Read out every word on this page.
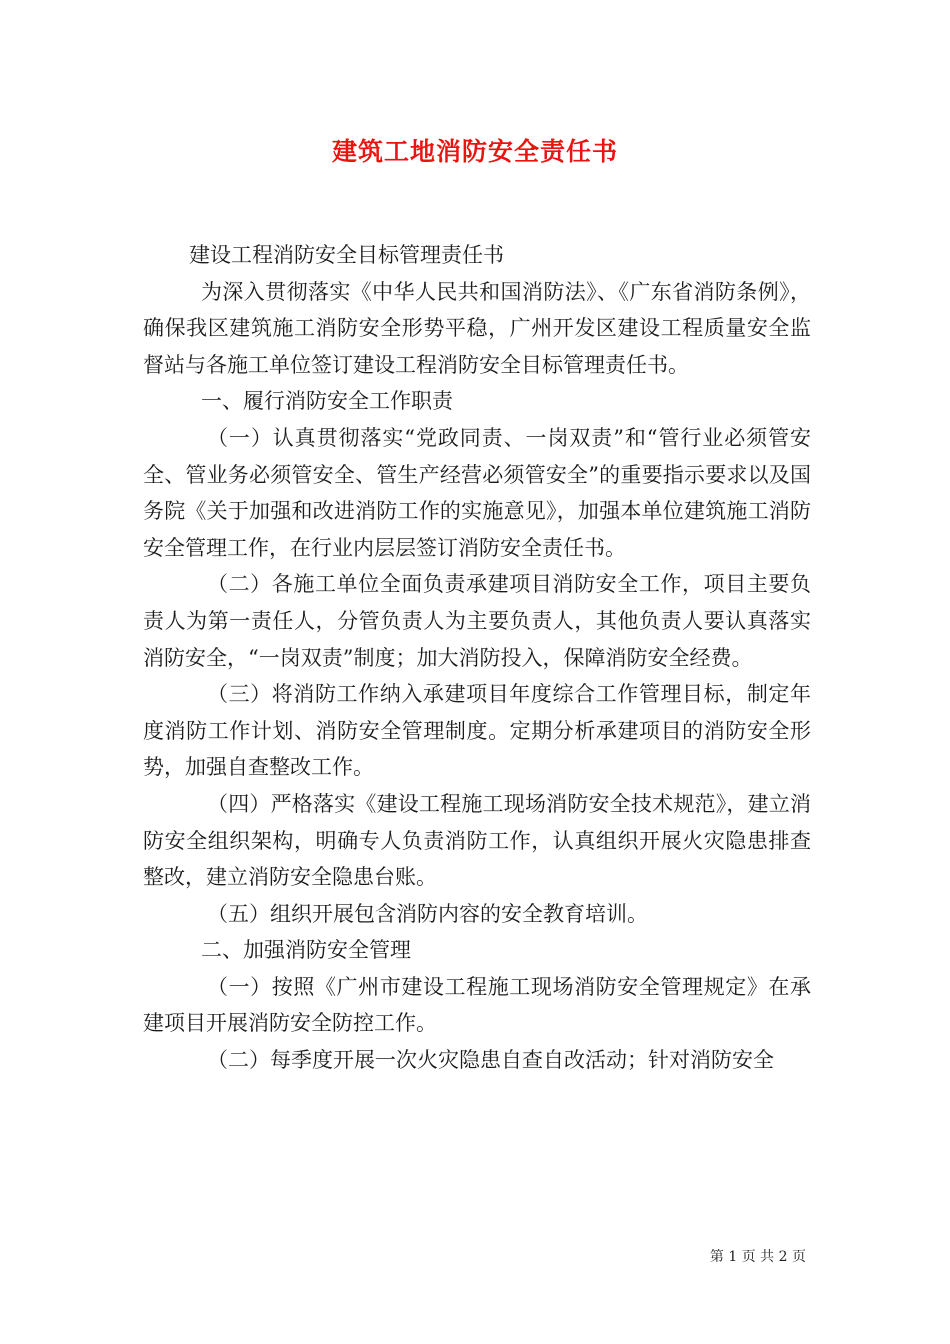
建筑工地消防安全责任书

建设工程消防安全目标管理责任书

为深入贯彻落实《中华人民共和国消防法》、《广东省消防条例》，确保我区建筑施工消防安全形势平稳，广州开发区建设工程质量安全监督站与各施工单位签订建设工程消防安全目标管理责任书。

一、履行消防安全工作职责

（一）认真贯彻落实“党政同责、一岗双责”和“管行业必须管安全、管业务必须管安全、管生产经营必须管安全”的重要指示要求以及国务院《关于加强和改进消防工作的实施意见》，加强本单位建筑施工消防安全管理工作，在行业内层层签订消防安全责任书。

（二）各施工单位全面负责承建项目消防安全工作，项目主要负责人为第一责任人，分管负责人为主要负责人，其他负责人要认真落实消防安全，“一岗双责”制度；加大消防投入，保障消防安全经费。

（三）将消防工作纳入承建项目年度综合工作管理目标，制定年度消防工作计划、消防安全管理制度。定期分析承建项目的消防安全形势，加强自查整改工作。

（四）严格落实《建设工程施工现场消防安全技术规范》，建立消防安全组织架构，明确专人负责消防工作，认真组织开展火灾隐患排查整改，建立消防安全隐患台账。

（五）组织开展包含消防内容的安全教育培训。

二、加强消防安全管理

（一）按照《广州市建设工程施工现场消防安全管理规定》在承建项目开展消防安全防控工作。

（二）每季度开展一次火灾隐患自查自改活动；针对消防安全

第 1 页 共 2 页
